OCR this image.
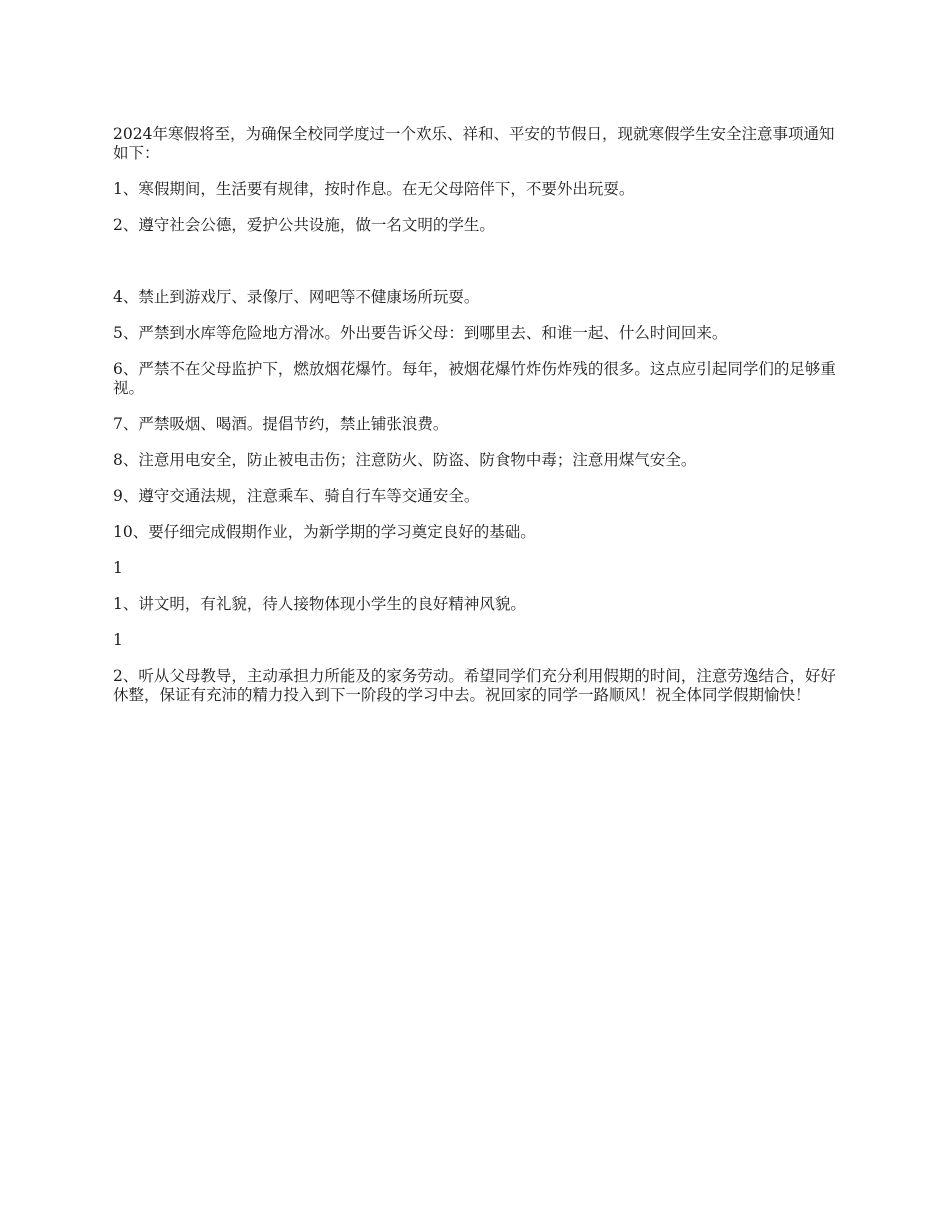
2024年寒假将至，为确保全校同学度过一个欢乐、祥和、平安的节假日，现就寒假学生安全注意事项通知如下：

1、寒假期间，生活要有规律，按时作息。在无父母陪伴下，不要外出玩耍。

2、遵守社会公德，爱护公共设施，做一名文明的学生。

4、禁止到游戏厅、录像厅、网吧等不健康场所玩耍。

5、严禁到水库等危险地方滑冰。外出要告诉父母：到哪里去、和谁一起、什么时间回来。

6、严禁不在父母监护下，燃放烟花爆竹。每年，被烟花爆竹炸伤炸残的很多。这点应引起同学们的足够重视。

7、严禁吸烟、喝酒。提倡节约，禁止铺张浪费。

8、注意用电安全，防止被电击伤；注意防火、防盗、防食物中毒；注意用煤气安全。

9、遵守交通法规，注意乘车、骑自行车等交通安全。

10、要仔细完成假期作业，为新学期的学习奠定良好的基础。

1

1、讲文明，有礼貌，待人接物体现小学生的良好精神风貌。

1

2、听从父母教导，主动承担力所能及的家务劳动。希望同学们充分利用假期的时间，注意劳逸结合，好好休整，保证有充沛的精力投入到下一阶段的学习中去。祝回家的同学一路顺风！祝全体同学假期愉快！
